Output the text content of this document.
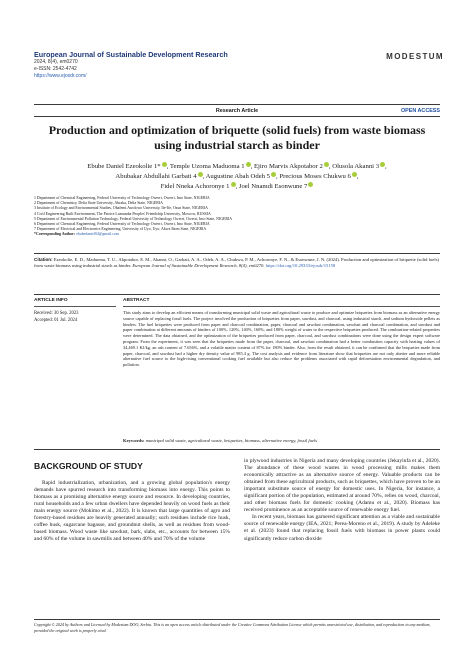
European Journal of Sustainable Development Research
2024, 8(4), em0270
e-ISSN: 2542-4742
https://www.ejosdr.com/
MODESTUM
Research Article	OPEN ACCESS
Production and optimization of briquette (solid fuels) from waste biomass using industrial starch as binder
Ebube Daniel Ezeokolie 1* , Temple Uzoma Maduoma 1 , Ejiro Marvis Akpotabor 2 , Olusola Akanni 3 ,
Abubakar Abdullahi Garbati 4 , Augustine Abah Odeh 5 , Precious Moses Chukwu 6 ,
Fidel Nneka Achoronye 1 , Joel Nnamdi Esonwune 7
1 Department of Chemical Engineering, Federal University of Technology Owerri, Owerri, Imo State, NIGERIA
2 Department of Chemistry, Delta State University, Abraka, Delta State, NIGERIA
3 Institute of Ecology and Environmental Studies, Obafemi Awolowo University, Ile-Ife, Osun State, NIGERIA
4 Civil Engineering Built Environment, The Patrice Lumumba Peoples' Friendship University, Moscow, RUSSIA
5 Department of Environmental Pollution Technology, Federal University of Technology Owerri, Owerri, Imo State, NIGERIA
6 Department of Chemical Engineering, Federal University of Technology Owerri, Owerri, Imo State, NIGERIA
7 Department of Electrical and Electronics Engineering, University of Uyo, Uyo, Akwa Ibom State, NIGERIA
*Corresponding Author: ebubedaniel04@gmail.com
Citation: Ezeokolie, E. D., Maduoma, T. U., Akpotabor, E. M., Akanni, O., Garbati, A. A., Odeh, A. A., Chukwu, P. M., Achoronye, F. N., & Esonwune, J. N. (2024). Production and optimization of briquette (solid fuels) from waste biomass using industrial starch as binder. European Journal of Sustainable Development Research, 8(4), em0270. https://doi.org/10.29333/ejosdr/15158
ARTICLE INFO
Received: 30 Sep. 2023
Accepted: 01 Jul. 2024
ABSTRACT
This study aims to develop an efficient means of transforming municipal solid waste and agricultural waste to produce and optimize briquettes from biomass as an alternative energy source capable of replacing fossil fuels. The project involved the production of briquettes from paper, sawdust, and charcoal, using industrial starch, and sodium hydroxide pellets as binders. The fuel briquettes were produced from paper and charcoal combination, paper, charcoal and sawdust combination, sawdust and charcoal combination, and sawdust and paper combination at different amounts of binders of 100%, 120%, 140%, 160%, and 180% weight of water to the respective briquettes produced. The combustion-related properties were determined. The data obtained, and the optimization of the briquettes produced from paper, charcoal, and sawdust combinations were done using the design expert software program. From the experiment, it was seen that the briquettes made from the paper, charcoal, and sawdust combination had a better combustion capacity with heating values of 34,469.1 KJ/kg, an ash content of 7.656%, and a volatile matter content of 87% for 180% binder. Also, from the result obtained, it can be confirmed that the briquettes made from paper, charcoal, and sawdust had a higher dry density value of 985.4 g. The cost analysis and evidence from literature show that briquettes are not only abetter and more reliable alternative fuel source to the high-rising conventional cooking fuel available but also reduce the problems associated with rapid deforestation environmental degradation, and pollution.
Keywords: municipal solid waste, agricultural waste, briquettes, biomass, alternative energy, fossil fuels
BACKGROUND OF STUDY

Rapid industrialization, urbanization, and a growing global population's energy demands have spurred research into transforming biomass into energy. This points to biomass as a promising alternative energy source and resource. In developing countries, rural households and a few urban dwellers have depended heavily on wood fuels as their main energy source (Mokimo et al., 2022). It is known that large quantities of agro and forestry-based residues are heavily generated annually; such residues include rice husk, coffee husk, sugarcane bagasse, and groundnut shells, as well as residues from wood-based biomass. Wood waste like sawdust, bark, slabs, etc., accounts for between 15% and 60% of the volume in sawmills and between 40% and 70% of the volume

in plywood industries in Nigeria and many developing countries (Jekayinfa et al., 2020). The abundance of these wood wastes in wood processing mills makes them economically attractive as an alternative source of energy. Valuable products can be obtained from these agricultural products, such as briquettes, which have proven to be an important substitute source of energy for domestic uses. In Nigeria, for instance, a significant portion of the population, estimated at around 70%, relies on wood, charcoal, and other biomass fuels for domestic cooking (Adamu et al., 2020). Biomass has received prominence as an acceptable source of renewable energy fuel.

In recent years, biomass has garnered significant attention as a viable and sustainable source of renewable energy (IEA, 2021; Perea-Moreno et al., 2019). A study by Adeleke et al. (2023) found that replacing fossil fuels with biomass in power plants could significantly reduce carbon dioxide

Copyright © 2024 by Authors and Licensed by Modestum DOO, Serbia. This is an open access article distributed under the Creative Commons Attribution License which permits unrestricted use, distribution, and reproduction in any medium, provided the original work is properly cited.
